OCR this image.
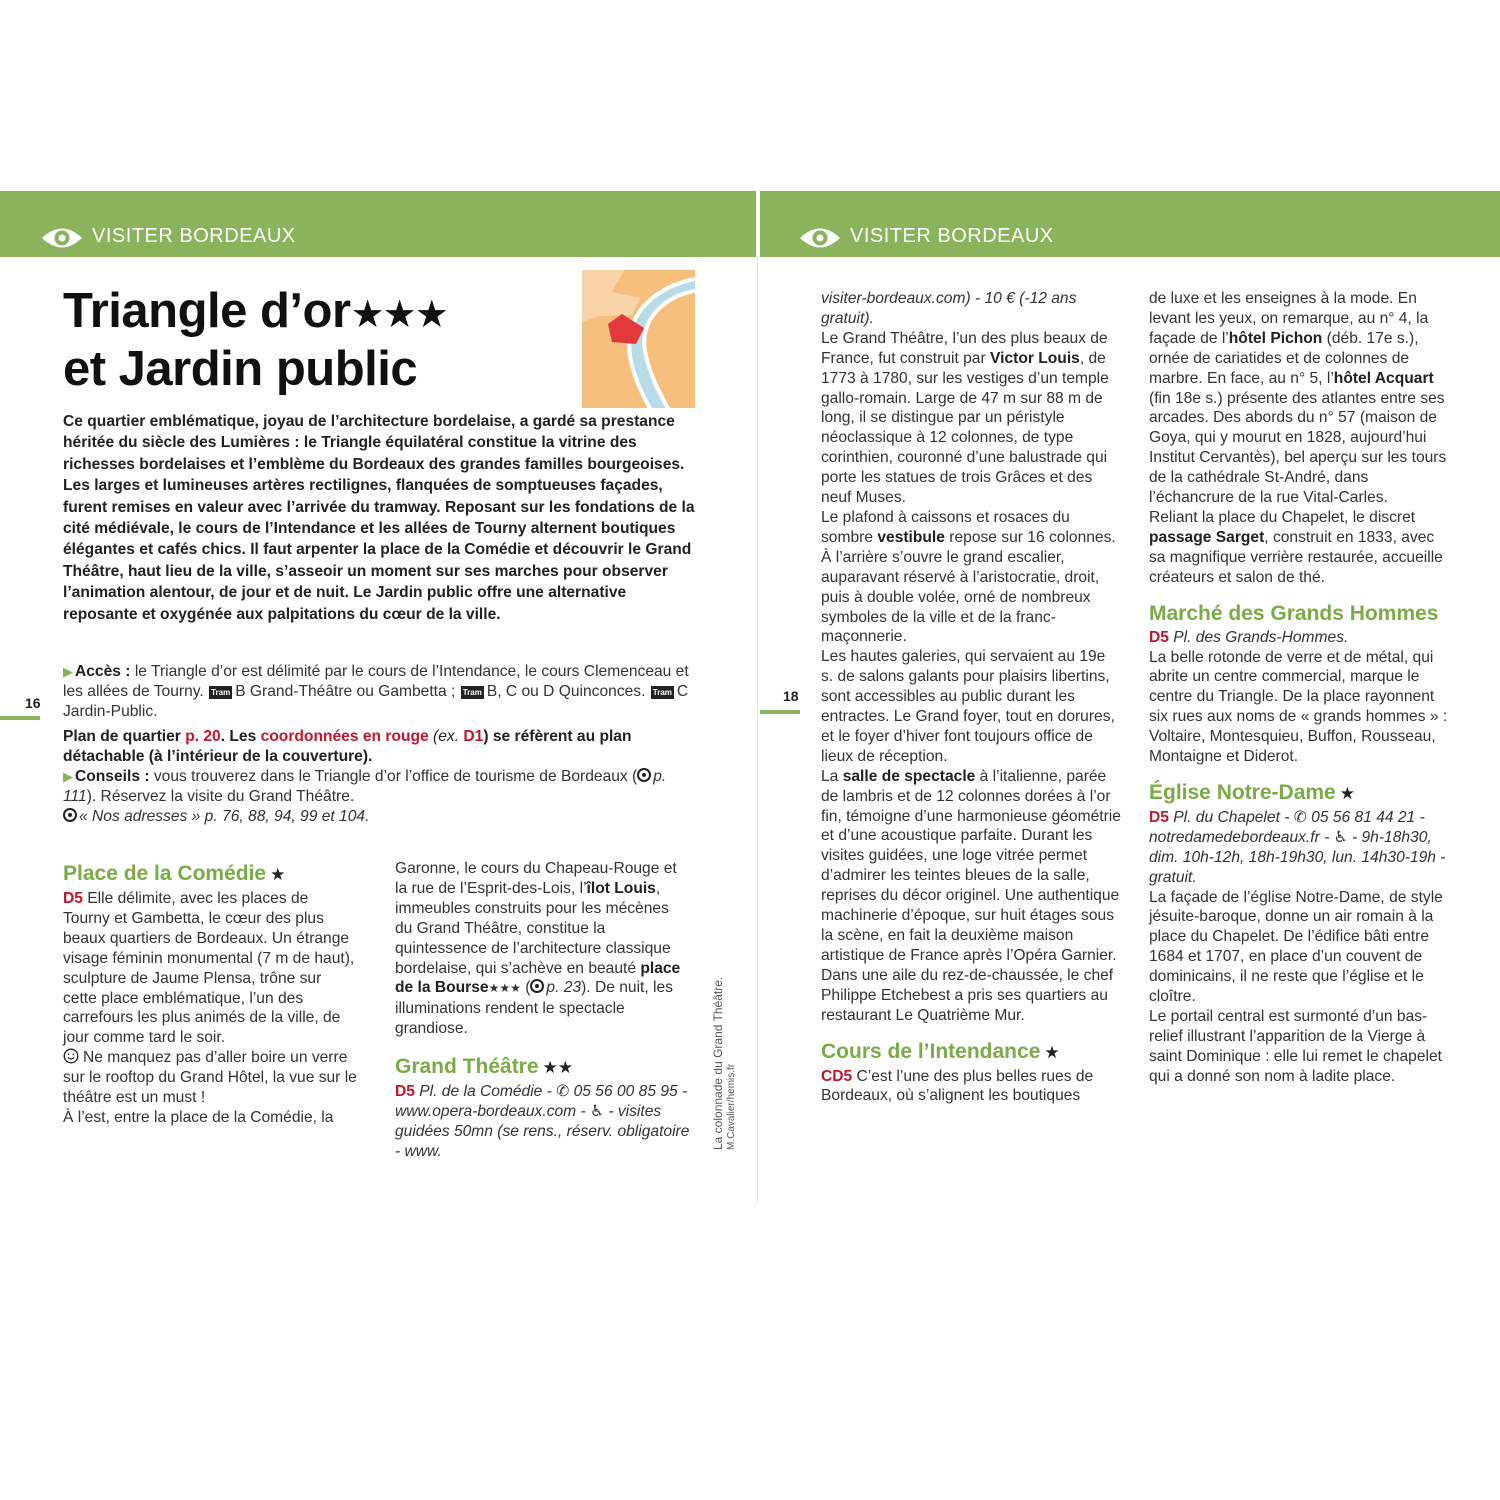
VISITER BORDEAUX	VISITER BORDEAUX
16	18
Triangle d’or★★★
et Jardin public

Ce quartier emblématique, joyau de l’architecture bordelaise, a gardé sa prestance héritée du siècle des Lumières : le Triangle équilatéral constitue la vitrine des richesses bordelaises et l’emblème du Bordeaux des grandes familles bourgeoises. Les larges et lumineuses artères rectilignes, flanquées de somptueuses façades, furent remises en valeur avec l’arrivée du tramway. Reposant sur les fondations de la cité médiévale, le cours de l’Intendance et les allées de Tourny alternent boutiques élégantes et cafés chics. Il faut arpenter la place de la Comédie et découvrir le Grand Théâtre, haut lieu de la ville, s’asseoir un moment sur ses marches pour observer l’animation alentour, de jour et de nuit. Le Jardin public offre une alternative reposante et oxygénée aux palpitations du cœur de la ville.

▶ Accès : le Triangle d’or est délimité par le cours de l’Intendance, le cours Clemenceau et les allées de Tourny. Tram B Grand-Théâtre ou Gambetta ; Tram B, C ou D Quinconces. Tram C Jardin-Public.

Plan de quartier p. 20. Les coordonnées en rouge (ex. D1) se réfèrent au plan détachable (à l’intérieur de la couverture).

▶ Conseils : vous trouverez dans le Triangle d’or l’office de tourisme de Bordeaux ( p. 111). Réservez la visite du Grand Théâtre.

« Nos adresses » p. 76, 88, 94, 99 et 104.

Place de la Comédie ★

D5 Elle délimite, avec les places de Tourny et Gambetta, le cœur des plus beaux quartiers de Bordeaux. Un étrange visage féminin monumental (7 m de haut), sculpture de Jaume Plensa, trône sur cette place emblématique, l’un des carrefours les plus animés de la ville, de jour comme tard le soir.

Ne manquez pas d’aller boire un verre sur le rooftop du Grand Hôtel, la vue sur le théâtre est un must !

À l’est, entre la place de la Comédie, la

Garonne, le cours du Chapeau-Rouge et la rue de l’Esprit-des-Lois, l’îlot Louis, immeubles construits pour les mécènes du Grand Théâtre, constitue la quintessence de l’architecture classique bordelaise, qui s’achève en beauté place de la Bourse★★★ ( p. 23). De nuit, les illuminations rendent le spectacle grandiose.

Grand Théâtre ★★

D5 Pl. de la Comédie - ✆ 05 56 00 85 95 - www.opera-bordeaux.com - ♿ - visites guidées 50mn (se rens., réserv. obligatoire - www.

La colonnade du Grand Théâtre. M.Cavalier/hemis.fr

visiter-bordeaux.com) - 10 € (-12 ans gratuit).

Le Grand Théâtre, l’un des plus beaux de France, fut construit par Victor Louis, de 1773 à 1780, sur les vestiges d’un temple gallo-romain. Large de 47 m sur 88 m de long, il se distingue par un péristyle néoclassique à 12 colonnes, de type corinthien, couronné d’une balustrade qui porte les statues de trois Grâces et des neuf Muses.

Le plafond à caissons et rosaces du sombre vestibule repose sur 16 colonnes. À l’arrière s’ouvre le grand escalier, auparavant réservé à l’aristocratie, droit, puis à double volée, orné de nombreux symboles de la ville et de la franc-maçonnerie.

Les hautes galeries, qui servaient au 19e s. de salons galants pour plaisirs libertins, sont accessibles au public durant les entractes. Le Grand foyer, tout en dorures, et le foyer d’hiver font toujours office de lieux de réception.

La salle de spectacle à l’italienne, parée de lambris et de 12 colonnes dorées à l’or fin, témoigne d’une harmonieuse géométrie et d’une acoustique parfaite. Durant les visites guidées, une loge vitrée permet d’admirer les teintes bleues de la salle, reprises du décor originel. Une authentique machinerie d’époque, sur huit étages sous la scène, en fait la deuxième maison artistique de France après l’Opéra Garnier. Dans une aile du rez-de-chaussée, le chef Philippe Etchebest a pris ses quartiers au restaurant Le Quatrième Mur.

Cours de l’Intendance ★

CD5 C’est l’une des plus belles rues de Bordeaux, où s’alignent les boutiques

de luxe et les enseignes à la mode. En levant les yeux, on remarque, au n° 4, la façade de l’hôtel Pichon (déb. 17e s.), ornée de cariatides et de colonnes de marbre. En face, au n° 5, l’hôtel Acquart (fin 18e s.) présente des atlantes entre ses arcades. Des abords du n° 57 (maison de Goya, qui y mourut en 1828, aujourd’hui Institut Cervantès), bel aperçu sur les tours de la cathédrale St-André, dans l’échancrure de la rue Vital-Carles.

Reliant la place du Chapelet, le discret passage Sarget, construit en 1833, avec sa magnifique verrière restaurée, accueille créateurs et salon de thé.

Marché des Grands Hommes

D5 Pl. des Grands-Hommes.

La belle rotonde de verre et de métal, qui abrite un centre commercial, marque le centre du Triangle. De la place rayonnent six rues aux noms de « grands hommes » : Voltaire, Montesquieu, Buffon, Rousseau, Montaigne et Diderot.

Église Notre-Dame ★

D5 Pl. du Chapelet - ✆ 05 56 81 44 21 - notredamedebordeaux.fr - ♿ - 9h-18h30, dim. 10h-12h, 18h-19h30, lun. 14h30-19h - gratuit.

La façade de l’église Notre-Dame, de style jésuite-baroque, donne un air romain à la place du Chapelet. De l’édifice bâti entre 1684 et 1707, en place d’un couvent de dominicains, il ne reste que l’église et le cloître.

Le portail central est surmonté d’un bas-relief illustrant l’apparition de la Vierge à saint Dominique : elle lui remet le chapelet qui a donné son nom à ladite place.
